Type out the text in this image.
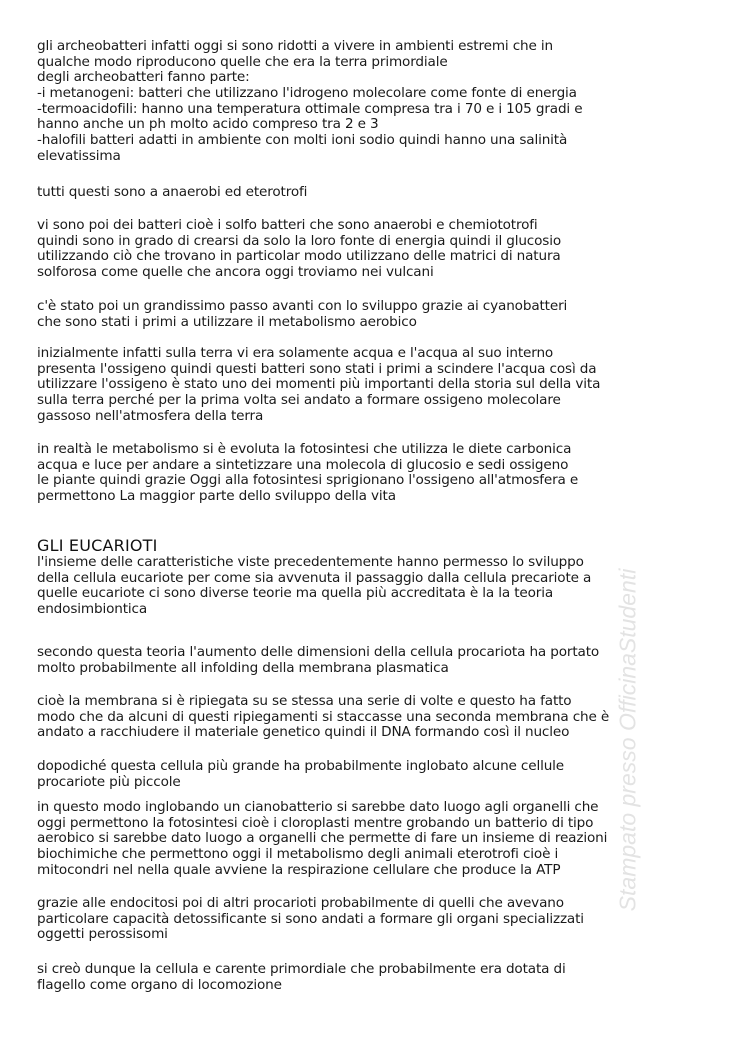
Stampato presso OfficinaStudenti
gli archeobatteri infatti oggi si sono ridotti a vivere in ambienti estremi che in
qualche modo riproducono quelle che era la terra primordiale
degli archeobatteri fanno parte:
-i metanogeni: batteri che utilizzano l'idrogeno molecolare come fonte di energia
-termoacidofili: hanno una temperatura ottimale compresa tra i 70 e i 105 gradi e
hanno anche un ph molto acido compreso tra 2 e 3
-halofili batteri adatti in ambiente con molti ioni sodio quindi hanno una salinità
elevatissima
tutti questi sono a anaerobi ed eterotrofi
vi sono poi dei batteri cioè i solfo batteri che sono anaerobi e chemiototrofi
quindi sono in grado di crearsi da solo la loro fonte di energia quindi il glucosio
utilizzando ciò che trovano in particolar modo utilizzano delle matrici di natura
solforosa come quelle che ancora oggi troviamo nei vulcani
c'è stato poi un grandissimo passo avanti con lo sviluppo grazie ai cyanobatteri
che sono stati i primi a utilizzare il metabolismo aerobico
inizialmente infatti sulla terra vi era solamente acqua e l'acqua al suo interno
presenta l'ossigeno quindi questi batteri sono stati i primi a scindere l'acqua così da
utilizzare l'ossigeno è stato uno dei momenti più importanti della storia sul della vita
sulla terra perché per la prima volta sei andato a formare ossigeno molecolare
gassoso nell'atmosfera della terra
in realtà le metabolismo si è evoluta la fotosintesi che utilizza le diete carbonica
acqua e luce per andare a sintetizzare una molecola di glucosio e sedi ossigeno
le piante quindi grazie Oggi alla fotosintesi sprigionano l'ossigeno all'atmosfera e
permettono La maggior parte dello sviluppo della vita
GLI EUCARIOTI
l'insieme delle caratteristiche viste precedentemente hanno permesso lo sviluppo
della cellula eucariote per come sia avvenuta il passaggio dalla cellula precariote a
quelle eucariote ci sono diverse teorie ma quella più accreditata è la la teoria
endosimbiontica
secondo questa teoria l'aumento delle dimensioni della cellula procariota ha portato
molto probabilmente all infolding della membrana plasmatica
cioè la membrana si è ripiegata su se stessa una serie di volte e questo ha fatto
modo che da alcuni di questi ripiegamenti si staccasse una seconda membrana che è
andato a racchiudere il materiale genetico quindi il DNA formando così il nucleo
dopodiché questa cellula più grande ha probabilmente inglobato alcune cellule
procariote più piccole
in questo modo inglobando un cianobatterio si sarebbe dato luogo agli organelli che
oggi permettono la fotosintesi cioè i cloroplasti mentre grobando un batterio di tipo
aerobico si sarebbe dato luogo a organelli che permette di fare un insieme di reazioni
biochimiche che permettono oggi il metabolismo degli animali eterotrofi cioè i
mitocondri nel nella quale avviene la respirazione cellulare che produce la ATP
grazie alle endocitosi poi di altri procarioti probabilmente di quelli che avevano
particolare capacità detossificante si sono andati a formare gli organi specializzati
oggetti perossisomi
si creò dunque la cellula e carente primordiale che probabilmente era dotata di
flagello come organo di locomozione
